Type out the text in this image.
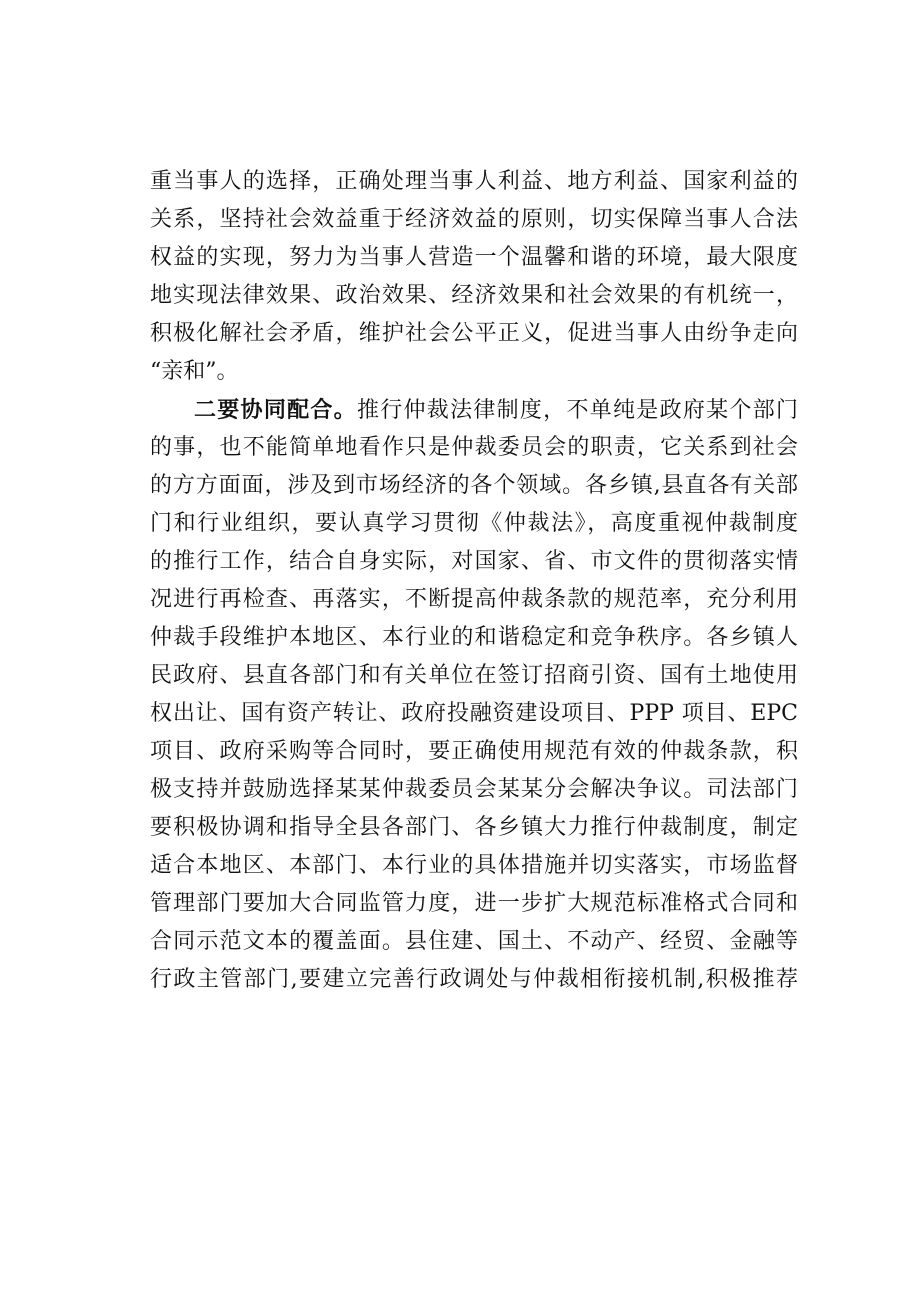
重当事人的选择，正确处理当事人利益、地方利益、国家利益的
关系，坚持社会效益重于经济效益的原则，切实保障当事人合法
权益的实现，努力为当事人营造一个温馨和谐的环境，最大限度
地实现法律效果、政治效果、经济效果和社会效果的有机统一，
积极化解社会矛盾，维护社会公平正义，促进当事人由纷争走向
“亲和”。
二要协同配合。推行仲裁法律制度，不单纯是政府某个部门
的事，也不能简单地看作只是仲裁委员会的职责，它关系到社会
的方方面面，涉及到市场经济的各个领域。各乡镇,县直各有关部
门和行业组织，要认真学习贯彻《仲裁法》，高度重视仲裁制度
的推行工作，结合自身实际，对国家、省、市文件的贯彻落实情
况进行再检查、再落实，不断提高仲裁条款的规范率，充分利用
仲裁手段维护本地区、本行业的和谐稳定和竞争秩序。各乡镇人
民政府、县直各部门和有关单位在签订招商引资、国有土地使用
权出让、国有资产转让、政府投融资建设项目、PPP 项目、EPC
项目、政府采购等合同时，要正确使用规范有效的仲裁条款，积
极支持并鼓励选择某某仲裁委员会某某分会解决争议。司法部门
要积极协调和指导全县各部门、各乡镇大力推行仲裁制度，制定
适合本地区、本部门、本行业的具体措施并切实落实，市场监督
管理部门要加大合同监管力度，进一步扩大规范标准格式合同和
合同示范文本的覆盖面。县住建、国土、不动产、经贸、金融等
行政主管部门,要建立完善行政调处与仲裁相衔接机制,积极推荐
